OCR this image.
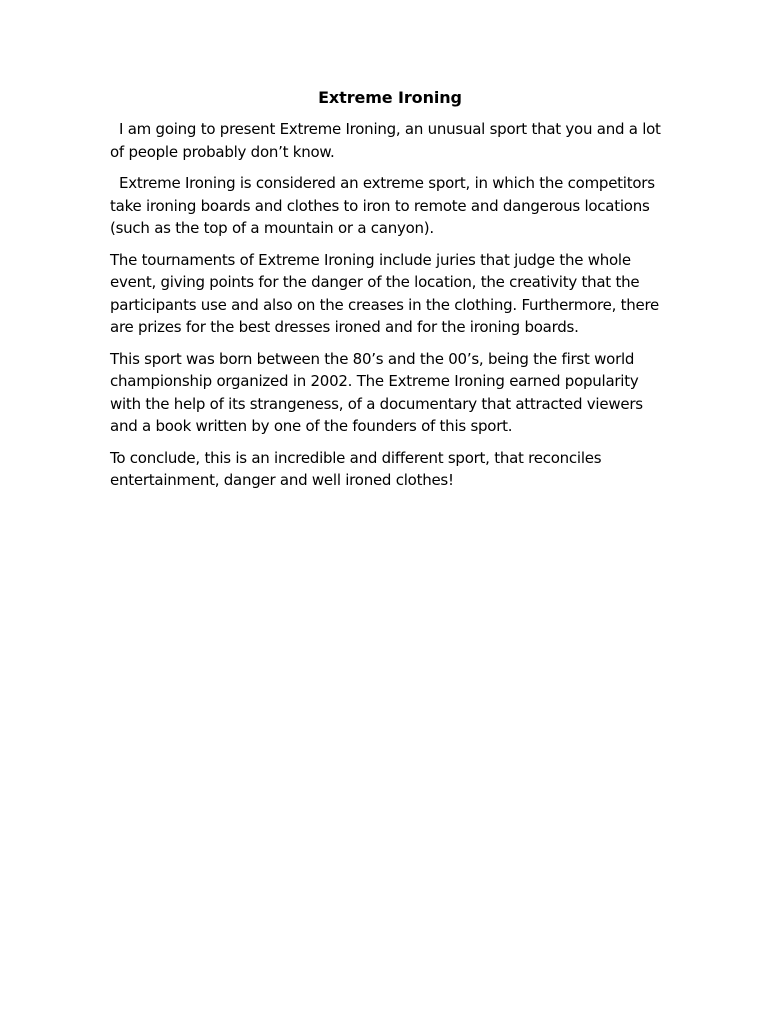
Extreme Ironing

I am going to present Extreme Ironing, an unusual sport that you and a lot of people probably don’t know.

Extreme Ironing is considered an extreme sport, in which the competitors take ironing boards and clothes to iron to remote and dangerous locations (such as the top of a mountain or a canyon).

The tournaments of Extreme Ironing include juries that judge the whole event, giving points for the danger of the location, the creativity that the participants use and also on the creases in the clothing. Furthermore, there are prizes for the best dresses ironed and for the ironing boards.

This sport was born between the 80’s and the 00’s, being the first world championship organized in 2002. The Extreme Ironing earned popularity with the help of its strangeness, of a documentary that attracted viewers and a book written by one of the founders of this sport.

To conclude, this is an incredible and different sport, that reconciles entertainment, danger and well ironed clothes!
